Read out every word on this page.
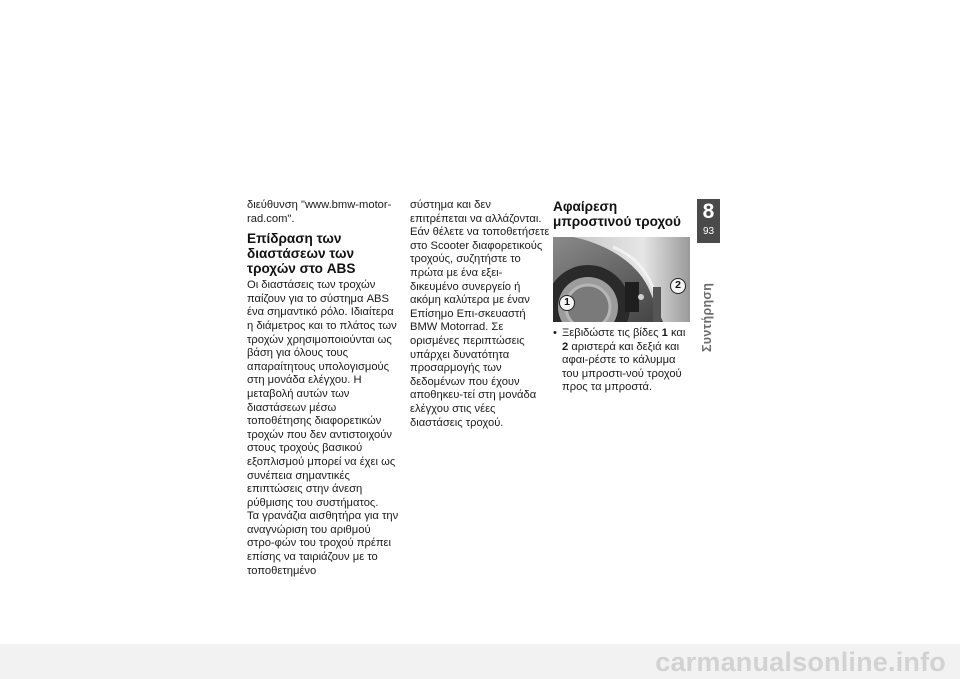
διεύθυνση "www.bmw-motor-rad.com".

Επίδραση των διαστάσεων των τροχών στο ABS

Οι διαστάσεις των τροχών παίζουν για το σύστημα ABS ένα σημαντικό ρόλο. Ιδιαίτερα η διάμετρος και το πλάτος των τροχών χρησιμοποιούνται ως βάση για όλους τους απαραίτητους υπολογισμούς στη μονάδα ελέγχου. Η μεταβολή αυτών των διαστάσεων μέσω τοποθέτησης διαφορετικών τροχών που δεν αντιστοιχούν στους τροχούς βασικού εξοπλισμού μπορεί να έχει ως συνέπεια σημαντικές επιπτώσεις στην άνεση ρύθμισης του συστήματος.

Τα γρανάζια αισθητήρα για την αναγνώριση του αριθμού στρο-φών του τροχού πρέπει επίσης να ταιριάζουν με το τοποθετημένο

σύστημα και δεν επιτρέπεται να αλλάζονται.

Εάν θέλετε να τοποθετήσετε στο Scooter διαφορετικούς τροχούς, συζητήστε το πρώτα με ένα εξει-δικευμένο συνεργείο ή ακόμη καλύτερα με έναν Επίσημο Επι-σκευαστή BMW Motorrad. Σε ορισμένες περιπτώσεις υπάρχει δυνατότητα προσαρμογής των δεδομένων που έχουν αποθηκευ-τεί στη μονάδα ελέγχου στις νέες διαστάσεις τροχού.

Αφαίρεση μπροστινού τροχού
1
2
• Ξεβιδώστε τις βίδες 1 και 2 αριστερά και δεξιά και αφαι-ρέστε το κάλυμμα του μπροστι-νού τροχού προς τα μπροστά.
8
93
Συντήρηση
carmanualsonline.info
